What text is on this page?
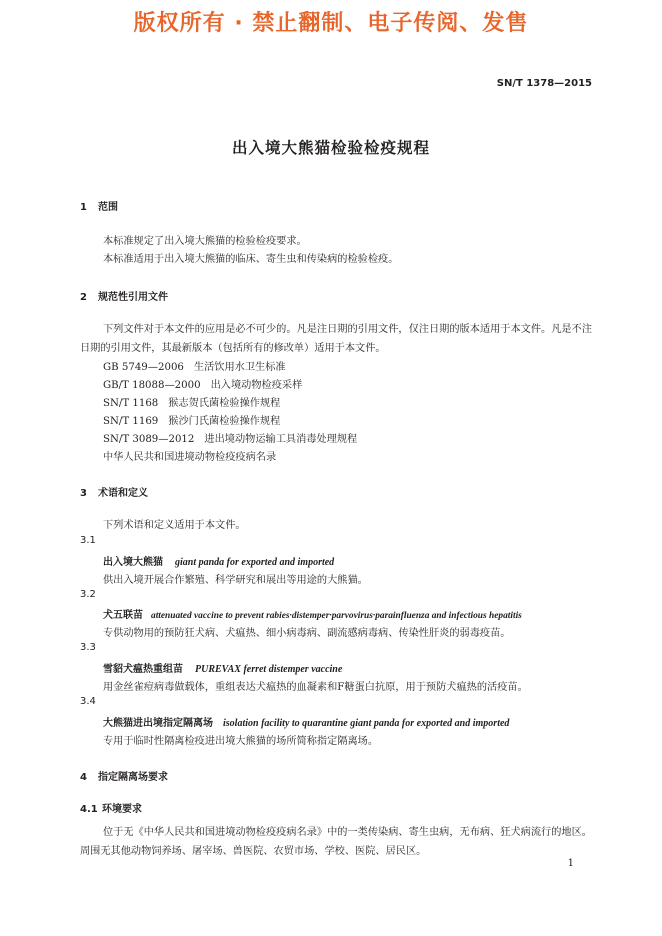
版权所有 · 禁止翻制、电子传阅、发售
SN/T 1378—2015
出入境大熊猫检验检疫规程
1 范围
本标准规定了出入境大熊猫的检验检疫要求。
本标准适用于出入境大熊猫的临床、寄生虫和传染病的检验检疫。
2 规范性引用文件
下列文件对于本文件的应用是必不可少的。凡是注日期的引用文件，仅注日期的版本适用于本文件。凡是不注日期的引用文件，其最新版本（包括所有的修改单）适用于本文件。
GB 5749—2006 生活饮用水卫生标准
GB/T 18088—2000 出入境动物检疫采样
SN/T 1168 猴志贺氏菌检验操作规程
SN/T 1169 猴沙门氏菌检验操作规程
SN/T 3089—2012 进出境动物运输工具消毒处理规程
中华人民共和国进境动物检疫疫病名录
3 术语和定义
下列术语和定义适用于本文件。
3.1
出入境大熊猫 giant panda for exported and imported
供出入境开展合作繁殖、科学研究和展出等用途的大熊猫。
3.2
犬五联苗 attenuated vaccine to prevent rabies·distemper·parvovirus·parainfluenza and infectious hepatitis
专供动物用的预防狂犬病、犬瘟热、细小病毒病、副流感病毒病、传染性肝炎的弱毒疫苗。
3.3
雪貂犬瘟热重组苗 PUREVAX ferret distemper vaccine
用金丝雀痘病毒做载体，重组表达犬瘟热的血凝素和F糖蛋白抗原，用于预防犬瘟热的活疫苗。
3.4
大熊猫进出境指定隔离场 isolation facility to quarantine giant panda for exported and imported
专用于临时性隔离检疫进出境大熊猫的场所简称指定隔离场。
4 指定隔离场要求
4.1 环境要求
位于无《中华人民共和国进境动物检疫疫病名录》中的一类传染病、寄生虫病，无布病、狂犬病流行的地区。周围无其他动物饲养场、屠宰场、兽医院、农贸市场、学校、医院、居民区。
1
